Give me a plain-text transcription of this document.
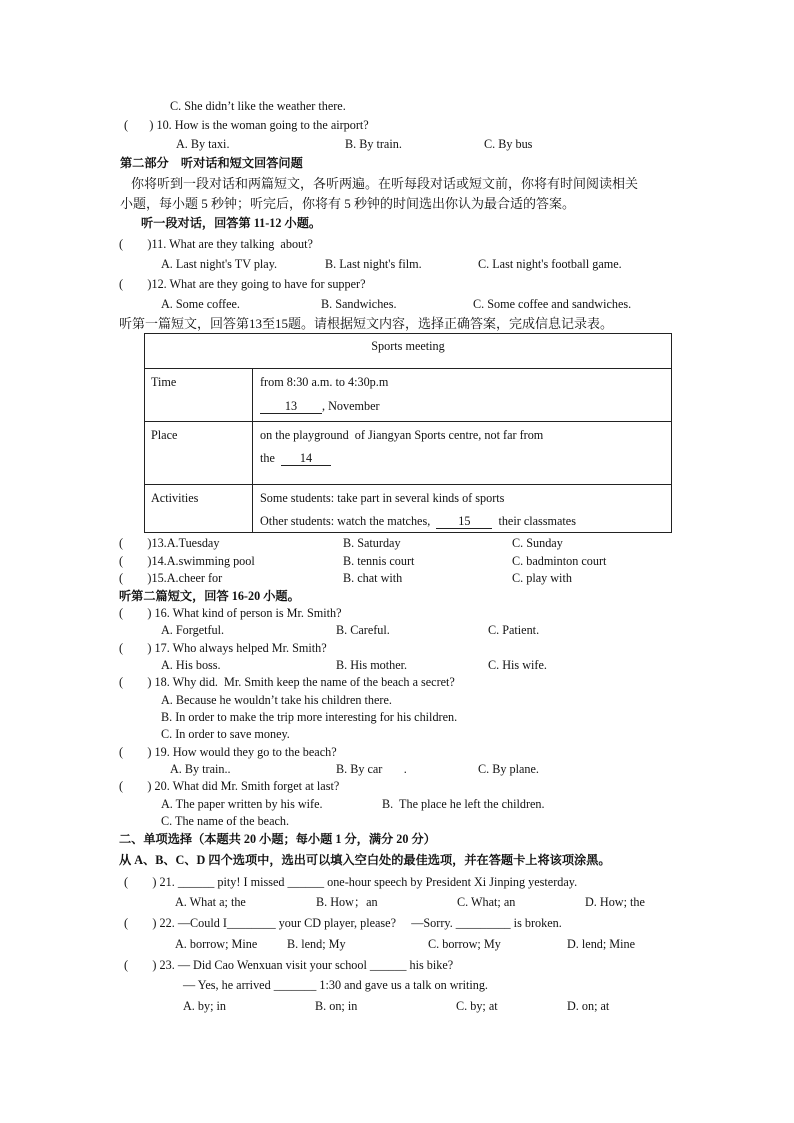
C. She didn’t like the weather there.
(       ) 10. How is the woman going to the airport?
A. By taxi.	B. By train.	C. By bus
第二部分    听对话和短文回答问题
你将听到一段对话和两篇短文，各听两遍。在听每段对话或短文前，你将有时间阅读相关
小题，每小题 5 秒钟；听完后，你将有 5 秒钟的时间选出你认为最合适的答案。
听一段对话，回答第 11-12 小题。
(        )11. What are they talking  about?
A. Last night's TV play.	B. Last night's film.	C. Last night's football game.
(        )12. What are they going to have for supper?
A. Some coffee.	B. Sandwiches.	C. Some coffee and sandwiches.
听第一篇短文，回答第13至15题。请根据短文内容，选择正确答案，完成信息记录表。
Sports meeting	

Time	from 8:30 a.m. to 4:30p.m
13 , November

Place	on the playground  of Jiangyan Sports centre, not far from
the 14

Activities	Some students: take part in several kinds of sports
Other students: watch the matches, 15 their classmates
(        )13.A.Tuesday	B. Saturday	C. Sunday
(        )14.A.swimming pool	B. tennis court	C. badminton court
(        )15.A.cheer for	B. chat with	C. play with
听第二篇短文，回答 16-20 小题。
(        ) 16. What kind of person is Mr. Smith?
A. Forgetful.	B. Careful.	C. Patient.
(        ) 17. Who always helped Mr. Smith?
A. His boss.	B. His mother.	C. His wife.
(        ) 18. Why did.  Mr. Smith keep the name of the beach a secret?
A. Because he wouldn’t take his children there.
B. In order to make the trip more interesting for his children.
C. In order to save money.
(        ) 19. How would they go to the beach?
A. By train..	B. By car       .	C. By plane.
(        ) 20. What did Mr. Smith forget at last?
A. The paper written by his wife.	B.  The place he left the children.
C. The name of the beach.
二、单项选择（本题共 20 小题；每小题 1 分，满分 20 分）
从 A、B、C、D 四个选项中，选出可以填入空白处的最佳选项，并在答题卡上将该项涂黑。
(        ) 21. ______ pity! I missed ______ one-hour speech by President Xi Jinping yesterday.
A. What a; the	B. How；an	C. What; an	D. How; the
(        ) 22. —Could I________ your CD player, please?     —Sorry. _________ is broken.
A. borrow; Mine B. lend; My	C. borrow; My	D. lend; Mine
(        ) 23. — Did Cao Wenxuan visit your school ______ his bike?
— Yes, he arrived _______ 1:30 and gave us a talk on writing.
A. by; in	B. on; in	C. by; at	D. on; at
